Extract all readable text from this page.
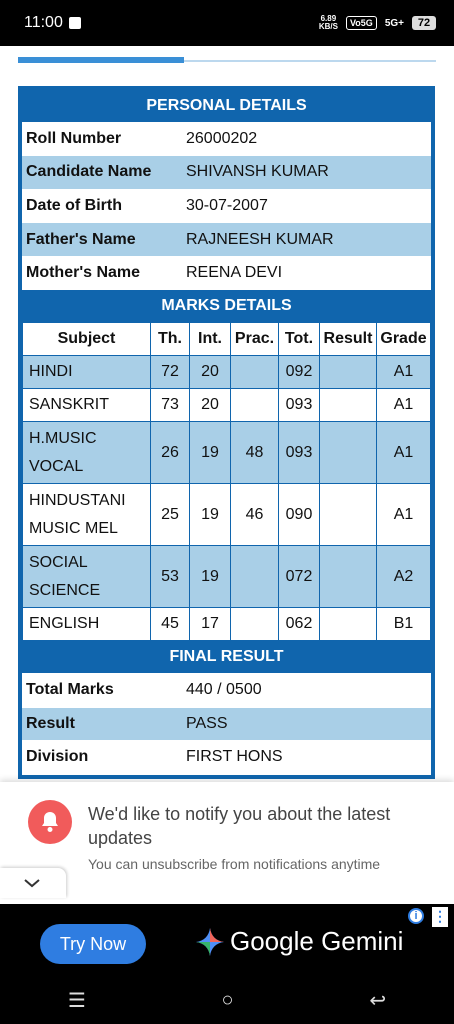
11:00	6.89
KB/S	Vo5G	5G+	72
PERSONAL DETAILS
Roll Number	26000202
Candidate Name	SHIVANSH KUMAR
Date of Birth	30-07-2007
Father's Name	RAJNEESH KUMAR
Mother's Name	REENA DEVI
MARKS DETAILS
Subject	Th.	Int.	Prac.	Tot.	Result	Grade
HINDI	72	20		092		A1
SANSKRIT	73	20		093		A1
H.MUSIC VOCAL	26	19	48	093		A1
HINDUSTANI MUSIC MEL	25	19	46	090		A1
SOCIAL SCIENCE	53	19		072		A2
ENGLISH	45	17		062		B1
FINAL RESULT
Total Marks	440 / 0500
Result	PASS
Division	FIRST HONS
We'd like to notify you about the latest updates
You can unsubscribe from notifications anytime
Try Now	Google Gemini
i	⋮
☰	○	↩
